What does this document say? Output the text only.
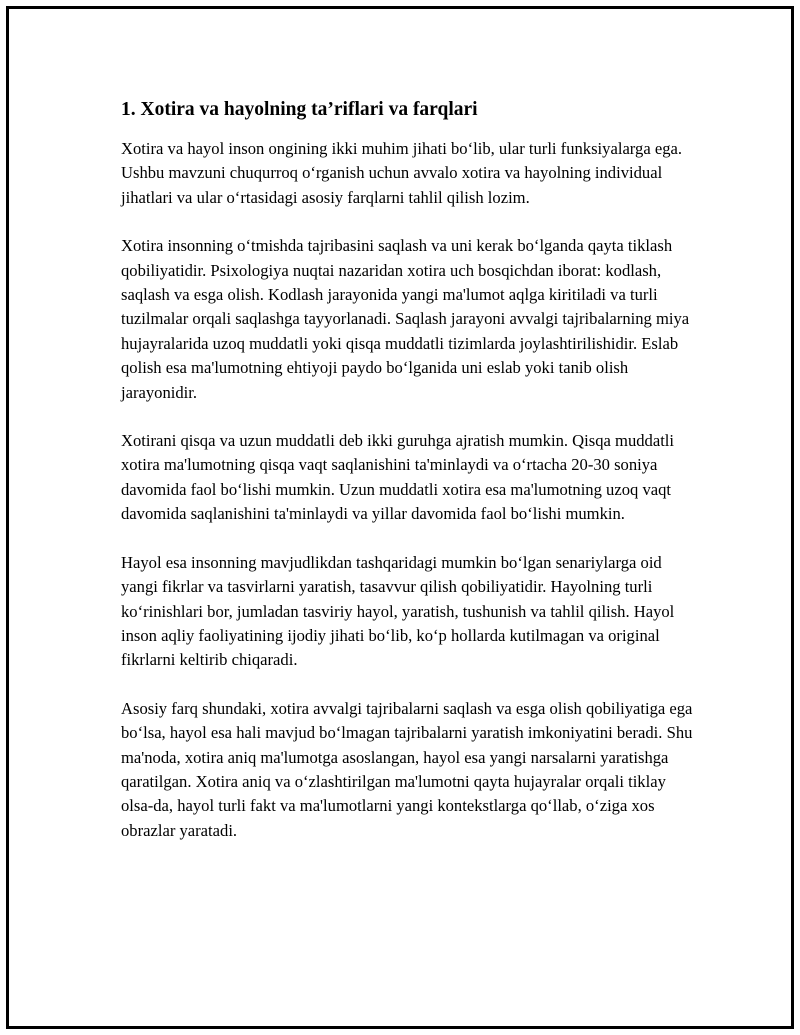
1. Xotira va hayolning ta’riflari va farqlari

Xotira va hayol inson ongining ikki muhim jihati bo‘lib, ular turli funksiyalarga ega. Ushbu mavzuni chuqurroq o‘rganish uchun avvalo xotira va hayolning individual jihatlari va ular o‘rtasidagi asosiy farqlarni tahlil qilish lozim.

Xotira insonning o‘tmishda tajribasini saqlash va uni kerak bo‘lganda qayta tiklash qobiliyatidir. Psixologiya nuqtai nazaridan xotira uch bosqichdan iborat: kodlash, saqlash va esga olish. Kodlash jarayonida yangi ma'lumot aqlga kiritiladi va turli tuzilmalar orqali saqlashga tayyorlanadi. Saqlash jarayoni avvalgi tajribalarning miya hujayralarida uzoq muddatli yoki qisqa muddatli tizimlarda joylashtirilishidir. Eslab qolish esa ma'lumotning ehtiyoji paydo bo‘lganida uni eslab yoki tanib olish jarayonidir.

Xotirani qisqa va uzun muddatli deb ikki guruhga ajratish mumkin. Qisqa muddatli xotira ma'lumotning qisqa vaqt saqlanishini ta'minlaydi va o‘rtacha 20-30 soniya davomida faol bo‘lishi mumkin. Uzun muddatli xotira esa ma'lumotning uzoq vaqt davomida saqlanishini ta'minlaydi va yillar davomida faol bo‘lishi mumkin.

Hayol esa insonning mavjudlikdan tashqaridagi mumkin bo‘lgan senariylarga oid yangi fikrlar va tasvirlarni yaratish, tasavvur qilish qobiliyatidir. Hayolning turli ko‘rinishlari bor, jumladan tasviriy hayol, yaratish, tushunish va tahlil qilish. Hayol inson aqliy faoliyatining ijodiy jihati bo‘lib, ko‘p hollarda kutilmagan va original fikrlarni keltirib chiqaradi.

Asosiy farq shundaki, xotira avvalgi tajribalarni saqlash va esga olish qobiliyatiga ega bo‘lsa, hayol esa hali mavjud bo‘lmagan tajribalarni yaratish imkoniyatini beradi. Shu ma'noda, xotira aniq ma'lumotga asoslangan, hayol esa yangi narsalarni yaratishga qaratilgan. Xotira aniq va o‘zlashtirilgan ma'lumotni qayta hujayralar orqali tiklay olsa-da, hayol turli fakt va ma'lumotlarni yangi kontekstlarga qo‘llab, o‘ziga xos obrazlar yaratadi.
